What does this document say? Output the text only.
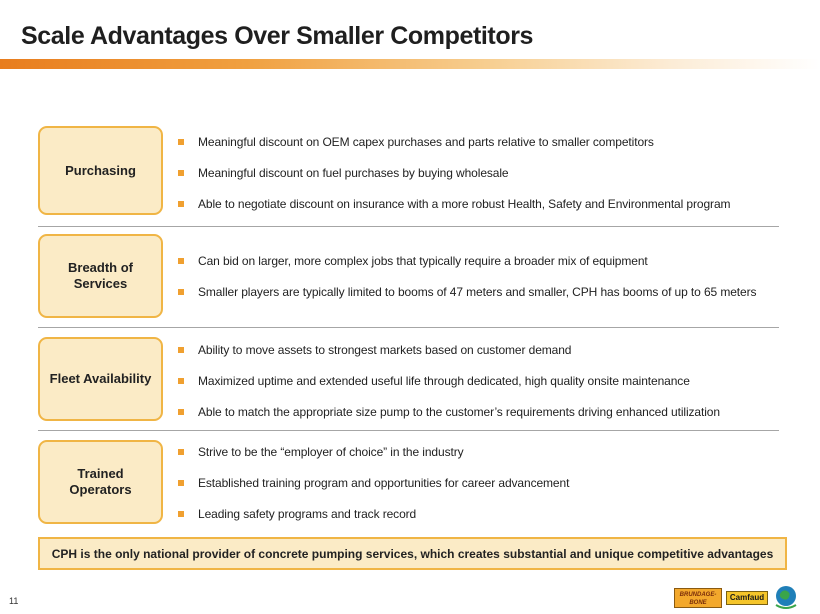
Scale Advantages Over Smaller Competitors
Purchasing
Meaningful discount on OEM capex purchases and parts relative to smaller competitors
Meaningful discount on fuel purchases by buying wholesale
Able to negotiate discount on insurance with a more robust Health, Safety and Environmental program
Breadth of
Services
Can bid on larger, more complex jobs that typically require a broader mix of equipment
Smaller players are typically limited to booms of 47 meters and smaller, CPH has booms of up to 65 meters
Fleet Availability
Ability to move assets to strongest markets based on customer demand
Maximized uptime and extended useful life through dedicated, high quality onsite maintenance
Able to match the appropriate size pump to the customer’s requirements driving enhanced utilization
Trained
Operators
Strive to be the “employer of choice” in the industry
Established training program and opportunities for career advancement
Leading safety programs and track record
CPH is the only national provider of concrete pumping services, which creates substantial and unique competitive advantages
11
BRUNDAGE-
BONE
Camfaud
